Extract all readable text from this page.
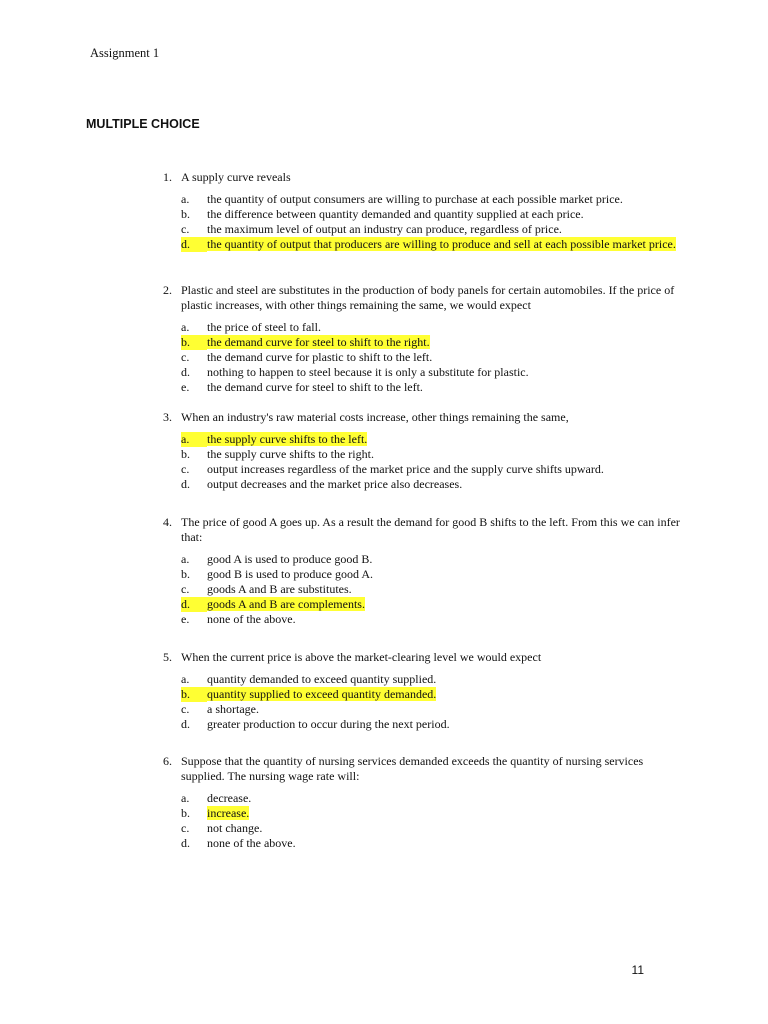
Assignment 1
MULTIPLE CHOICE
1. A supply curve reveals
a.	the quantity of output consumers are willing to purchase at each possible market price.
b.	the difference between quantity demanded and quantity supplied at each price.
c.	the maximum level of output an industry can produce, regardless of price.
d.	the quantity of output that producers are willing to produce and sell at each possible market price.
2. Plastic and steel are substitutes in the production of body panels for certain automobiles. If the price of plastic increases, with other things remaining the same, we would expect
a.	the price of steel to fall.
b.	the demand curve for steel to shift to the right.
c.	the demand curve for plastic to shift to the left.
d.	nothing to happen to steel because it is only a substitute for plastic.
e.	the demand curve for steel to shift to the left.
3. When an industry's raw material costs increase, other things remaining the same,
a.	the supply curve shifts to the left.
b.	the supply curve shifts to the right.
c.	output increases regardless of the market price and the supply curve shifts upward.
d.	output decreases and the market price also decreases.
4. The price of good A goes up. As a result the demand for good B shifts to the left. From this we can infer that:
a.	good A is used to produce good B.
b.	good B is used to produce good A.
c.	goods A and B are substitutes.
d.	goods A and B are complements.
e.	none of the above.
5. When the current price is above the market-clearing level we would expect
a.	quantity demanded to exceed quantity supplied.
b.	quantity supplied to exceed quantity demanded.
c.	a shortage.
d.	greater production to occur during the next period.
6. Suppose that the quantity of nursing services demanded exceeds the quantity of nursing services supplied. The nursing wage rate will:
a.	decrease.
b.	increase.
c.	not change.
d.	none of the above.
11
